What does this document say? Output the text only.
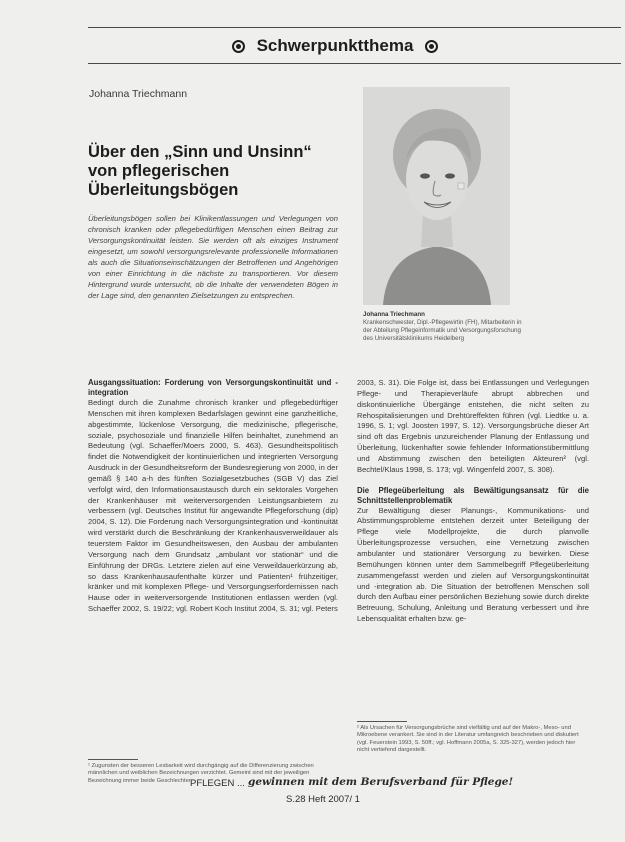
Schwerpunktthema
Johanna Triechmann
Über den „Sinn und Unsinn“ von pflegerischen Überleitungsbögen
Überleitungsbögen sollen bei Klinikentlassungen und Verlegungen von chronisch kranken oder pflegebedürftigen Menschen einen Beitrag zur Versorgungskontinuität leisten. Sie werden oft als einziges Instrument eingesetzt, um sowohl versorgungsrelevante professionelle Informationen als auch die Situationseinschätzungen der Betroffenen und Angehörigen von einer Einrichtung in die nächste zu transportieren. Vor diesem Hintergrund wurde untersucht, ob die Inhalte der verwendeten Bögen in der Lage sind, den genannten Zielsetzungen zu entsprechen.
Johanna Triechmann
Krankenschwester, Dipl.-Pflegewirtin (FH), Mitarbeiterin in der Abteilung Pflegeinformatik und Versorgungsforschung des Universitätsklinikums Heidelberg
Ausgangssituation: Forderung von Versorgungskontinuität und -integration

Bedingt durch die Zunahme chronisch kranker und pflegebedürftiger Menschen mit ihren komplexen Bedarfslagen gewinnt eine ganzheitliche, abgestimmte, lückenlose Versorgung, die medizinische, pflegerische, soziale, psychosoziale und finanzielle Hilfen beinhaltet, zunehmend an Bedeutung (vgl. Schaeffer/Moers 2000, S. 463). Gesundheitspolitisch findet die Notwendigkeit der kontinuierlichen und integrierten Versorgung Ausdruck in der Gesundheitsreform der Bundesregierung von 2000, in der gemäß § 140 a-h des fünften Sozialgesetzbuches (SGB V) das Ziel verfolgt wird, den Informationsaustausch durch ein sektorales Vorgehen der Krankenhäuser mit weiterversorgenden Leistungsanbietern zu verbessern (vgl. Deutsches Institut für angewandte Pflegeforschung (dip) 2004, S. 12). Die Forderung nach Versorgungsintegration und -kontinuität wird verstärkt durch die Beschränkung der Krankenhausverweildauer als teuerstem Faktor im Gesundheitswesen, den Ausbau der ambulanten Versorgung nach dem Grundsatz „ambulant vor stationär“ und die Einführung der DRGs. Letztere zielen auf eine Verweildauerkürzung ab, so dass Krankenhausaufenthalte kürzer und Patienten¹ frühzeitiger, kränker und mit komplexen Pflege- und Versorgungserfordernissen nach Hause oder in weiterversorgende Institutionen entlassen werden (vgl. Schaeffer 2002, S. 19/22; vgl. Robert Koch Institut 2004, S. 31; vgl. Peters

¹ Zugunsten der besseren Lesbarkeit wird durchgängig auf die Differenzierung zwischen männlichen und weiblichen Bezeichnungen verzichtet. Gemeint sind mit der jeweiligen Bezeichnung immer beide Geschlechter.

2003, S. 31). Die Folge ist, dass bei Entlassungen und Verlegungen Pflege- und Therapieverläufe abrupt abbrechen und diskontinuierliche Übergänge entstehen, die nicht selten zu Rehospitalisierungen und Drehtüreffekten führen (vgl. Liedtke u. a. 1996, S. 1; vgl. Joosten 1997, S. 12). Versorgungsbrüche dieser Art sind oft das Ergebnis unzureichender Planung der Entlassung und Überleitung, lückenhafter sowie fehlender Informationsübermittlung und Abstimmung zwischen den beteiligten Akteuren² (vgl. Bechtel/Klaus 1998, S. 173; vgl. Wingenfeld 2007, S. 308).

Die Pflegeüberleitung als Bewältigungsansatz für die Schnittstellenproblematik

Zur Bewältigung dieser Planungs-, Kommunikations- und Abstimmungsprobleme entstehen derzeit unter Beteiligung der Pflege viele Modellprojekte, die durch planvolle Überleitungsprozesse versuchen, eine Vernetzung zwischen ambulanter und stationärer Versorgung zu bewirken. Diese Bemühungen können unter dem Sammelbegriff Pflegeüberleitung zusammengefasst werden und zielen auf Versorgungskontinuität und -integration ab. Die Situation der betroffenen Menschen soll durch den Aufbau einer persönlichen Beziehung sowie durch direkte Betreuung, Schulung, Anleitung und Beratung verbessert und ihre Lebensqualität erhalten bzw. ge-

² Als Ursachen für Versorgungsbrüche sind vielfältig und auf der Makro-, Meso- und Mikroebene verankert. Sie sind in der Literatur umfangreich beschrieben und diskutiert (vgl. Feuerstein 1993, S. 50ff.; vgl. Hoffmann 2005a, S. 325-327), werden jedoch hier nicht vertiefend dargestellt.
PFLEGEN ... gewinnen mit dem Berufsverband für Pflege!
S.28 Heft 2007/ 1
